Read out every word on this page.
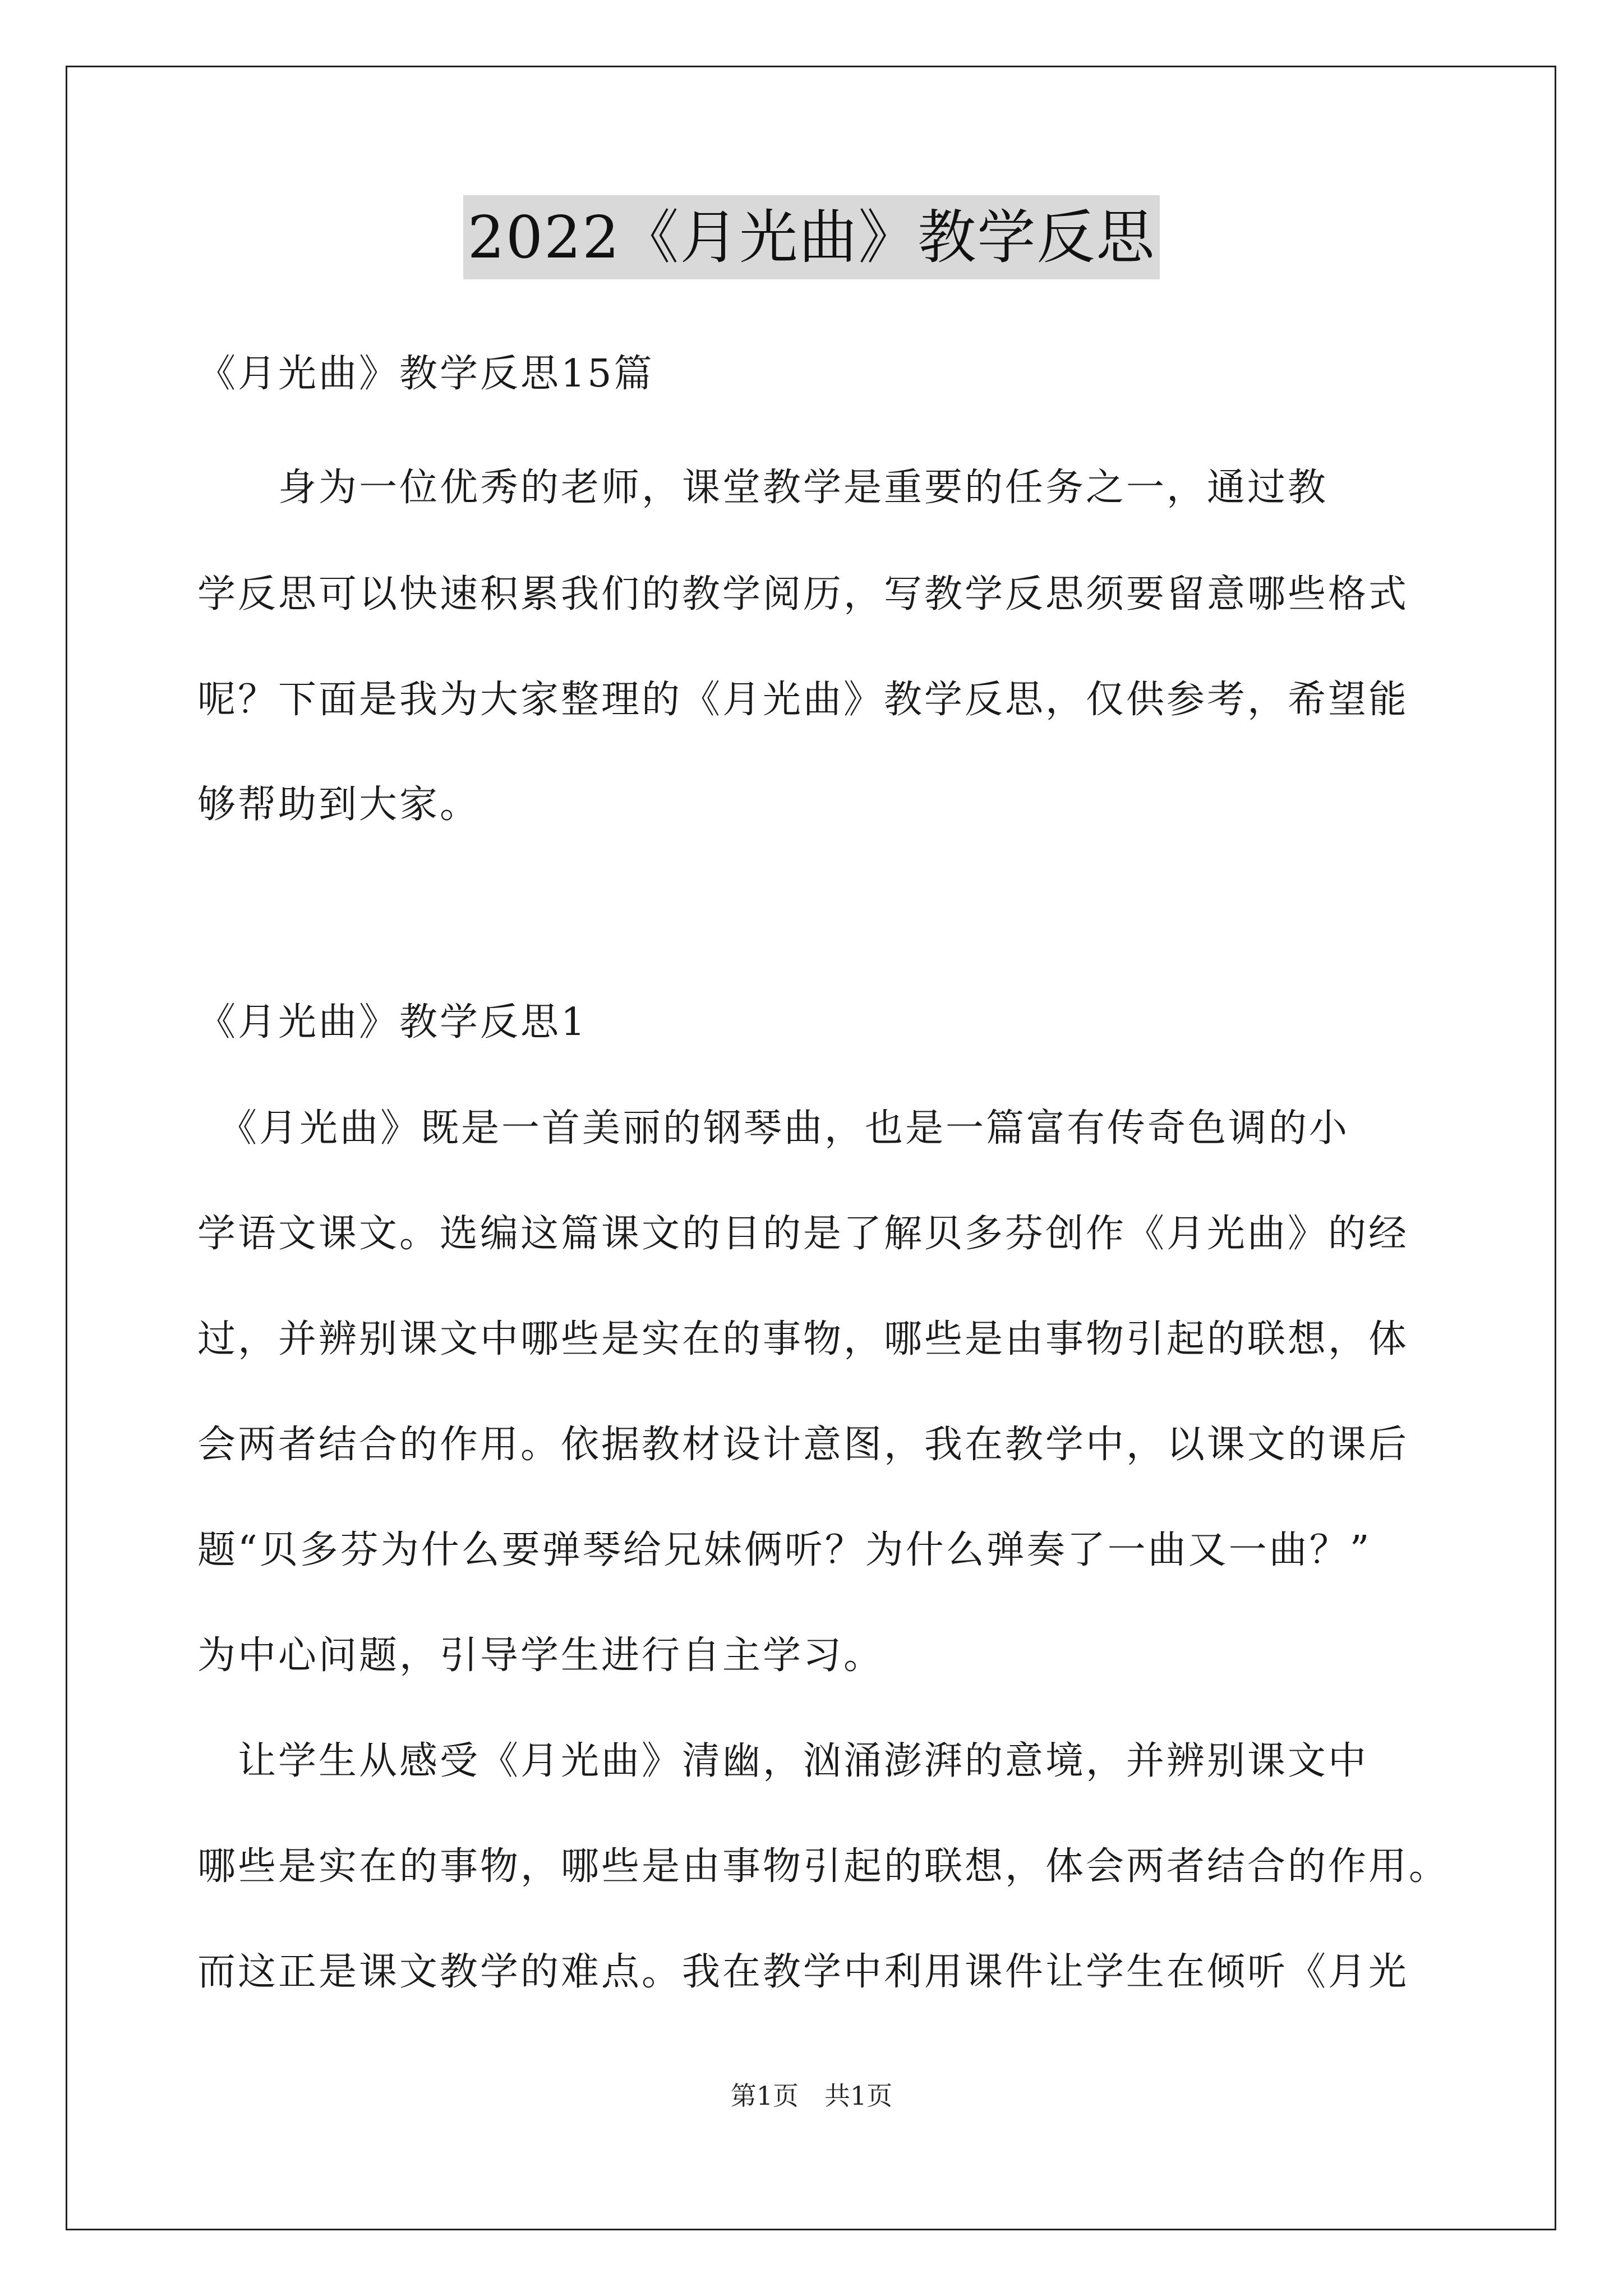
2022《月光曲》教学反思
《月光曲》教学反思15篇
　　身为一位优秀的老师，课堂教学是重要的任务之一，通过教
学反思可以快速积累我们的教学阅历，写教学反思须要留意哪些格式
呢？下面是我为大家整理的《月光曲》教学反思，仅供参考，希望能
够帮助到大家。
《月光曲》教学反思1
　《月光曲》既是一首美丽的钢琴曲，也是一篇富有传奇色调的小
学语文课文。选编这篇课文的目的是了解贝多芬创作《月光曲》的经
过，并辨别课文中哪些是实在的事物，哪些是由事物引起的联想，体
会两者结合的作用。依据教材设计意图，我在教学中，以课文的课后
题“贝多芬为什么要弹琴给兄妹俩听？为什么弹奏了一曲又一曲？”
为中心问题，引导学生进行自主学习。
　让学生从感受《月光曲》清幽，汹涌澎湃的意境，并辨别课文中
哪些是实在的事物，哪些是由事物引起的联想，体会两者结合的作用。
而这正是课文教学的难点。我在教学中利用课件让学生在倾听《月光
第1页　共1页
